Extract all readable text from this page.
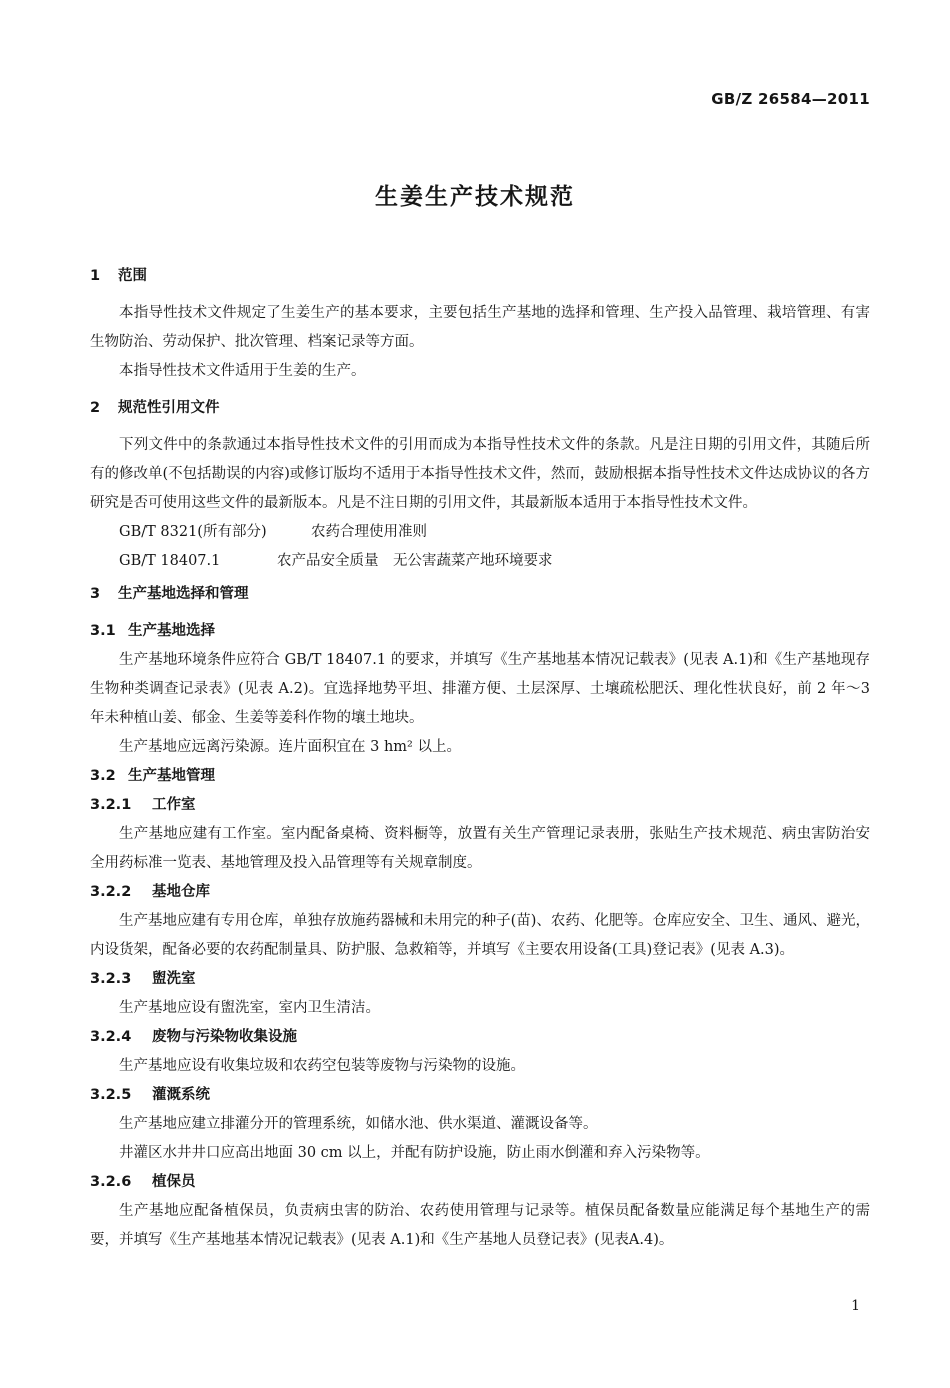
GB/Z 26584—2011
生姜生产技术规范
1 范围

本指导性技术文件规定了生姜生产的基本要求，主要包括生产基地的选择和管理、生产投入品管理、栽培管理、有害生物防治、劳动保护、批次管理、档案记录等方面。

本指导性技术文件适用于生姜的生产。

2 规范性引用文件

下列文件中的条款通过本指导性技术文件的引用而成为本指导性技术文件的条款。凡是注日期的引用文件，其随后所有的修改单(不包括勘误的内容)或修订版均不适用于本指导性技术文件，然而，鼓励根据本指导性技术文件达成协议的各方研究是否可使用这些文件的最新版本。凡是不注日期的引用文件，其最新版本适用于本指导性技术文件。

GB/T 8321(所有部分)	农药合理使用准则

GB/T 18407.1	农产品安全质量　无公害蔬菜产地环境要求

3 生产基地选择和管理
3.1 生产基地选择

生产基地环境条件应符合 GB/T 18407.1 的要求，并填写《生产基地基本情况记载表》(见表 A.1)和《生产基地现存生物种类调查记录表》(见表 A.2)。宜选择地势平坦、排灌方便、土层深厚、土壤疏松肥沃、理化性状良好，前 2 年～3 年未种植山姜、郁金、生姜等姜科作物的壤土地块。

生产基地应远离污染源。连片面积宜在 3 hm² 以上。

3.2 生产基地管理
3.2.1 工作室

生产基地应建有工作室。室内配备桌椅、资料橱等，放置有关生产管理记录表册，张贴生产技术规范、病虫害防治安全用药标准一览表、基地管理及投入品管理等有关规章制度。

3.2.2 基地仓库

生产基地应建有专用仓库，单独存放施药器械和未用完的种子(苗)、农药、化肥等。仓库应安全、卫生、通风、避光，内设货架，配备必要的农药配制量具、防护服、急救箱等，并填写《主要农用设备(工具)登记表》(见表 A.3)。

3.2.3 盥洗室

生产基地应设有盥洗室，室内卫生清洁。

3.2.4 废物与污染物收集设施

生产基地应设有收集垃圾和农药空包装等废物与污染物的设施。

3.2.5 灌溉系统

生产基地应建立排灌分开的管理系统，如储水池、供水渠道、灌溉设备等。

井灌区水井井口应高出地面 30 cm 以上，并配有防护设施，防止雨水倒灌和弃入污染物等。

3.2.6 植保员

生产基地应配备植保员，负责病虫害的防治、农药使用管理与记录等。植保员配备数量应能满足每个基地生产的需要，并填写《生产基地基本情况记载表》(见表 A.1)和《生产基地人员登记表》(见表A.4)。

1
